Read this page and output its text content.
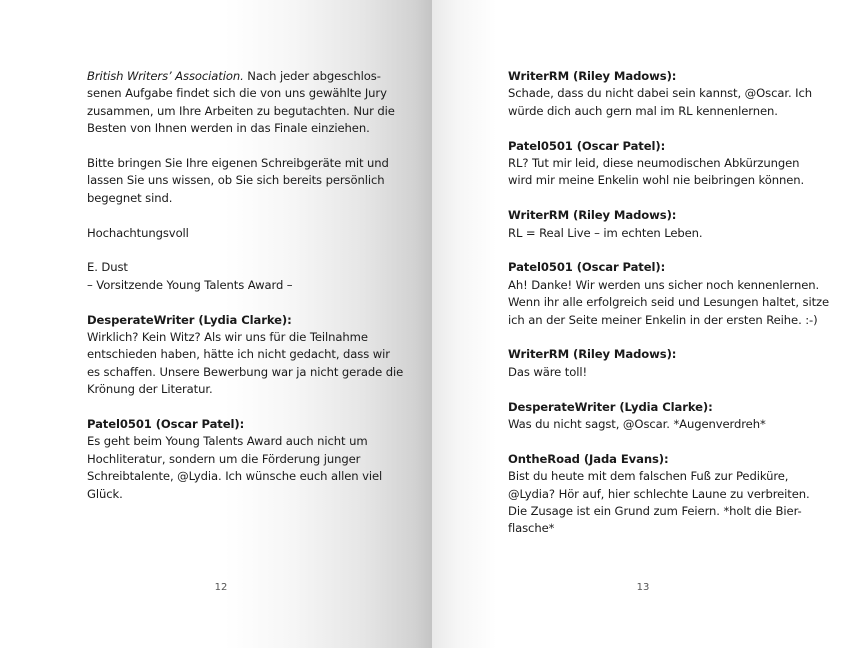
British Writers’ Association. Nach jeder abgeschlos-
senen Aufgabe findet sich die von uns gewählte Jury
zusammen, um Ihre Arbeiten zu begutachten. Nur die
Besten von Ihnen werden in das Finale einziehen.

Bitte bringen Sie Ihre eigenen Schreibgeräte mit und
lassen Sie uns wissen, ob Sie sich bereits persönlich
begegnet sind.

Hochachtungsvoll

E. Dust
– Vorsitzende Young Talents Award –

DesperateWriter (Lydia Clarke):
Wirklich? Kein Witz? Als wir uns für die Teilnahme
entschieden haben, hätte ich nicht gedacht, dass wir
es schaffen. Unsere Bewerbung war ja nicht gerade die
Krönung der Literatur.

Patel0501 (Oscar Patel):
Es geht beim Young Talents Award auch nicht um
Hochliteratur, sondern um die Förderung junger
Schreibtalente, @Lydia. Ich wünsche euch allen viel
Glück.

12

WriterRM (Riley Madows):
Schade, dass du nicht dabei sein kannst, @Oscar. Ich
würde dich auch gern mal im RL kennenlernen.

Patel0501 (Oscar Patel):
RL? Tut mir leid, diese neumodischen Abkürzungen
wird mir meine Enkelin wohl nie beibringen können.

WriterRM (Riley Madows):
RL = Real Live – im echten Leben.

Patel0501 (Oscar Patel):
Ah! Danke! Wir werden uns sicher noch kennenlernen.
Wenn ihr alle erfolgreich seid und Lesungen haltet, sitze
ich an der Seite meiner Enkelin in der ersten Reihe. :-)

WriterRM (Riley Madows):
Das wäre toll!

DesperateWriter (Lydia Clarke):
Was du nicht sagst, @Oscar. *Augenverdreh*

OntheRoad (Jada Evans):
Bist du heute mit dem falschen Fuß zur Pediküre,
@Lydia? Hör auf, hier schlechte Laune zu verbreiten.
Die Zusage ist ein Grund zum Feiern. *holt die Bier-
flasche*

13
